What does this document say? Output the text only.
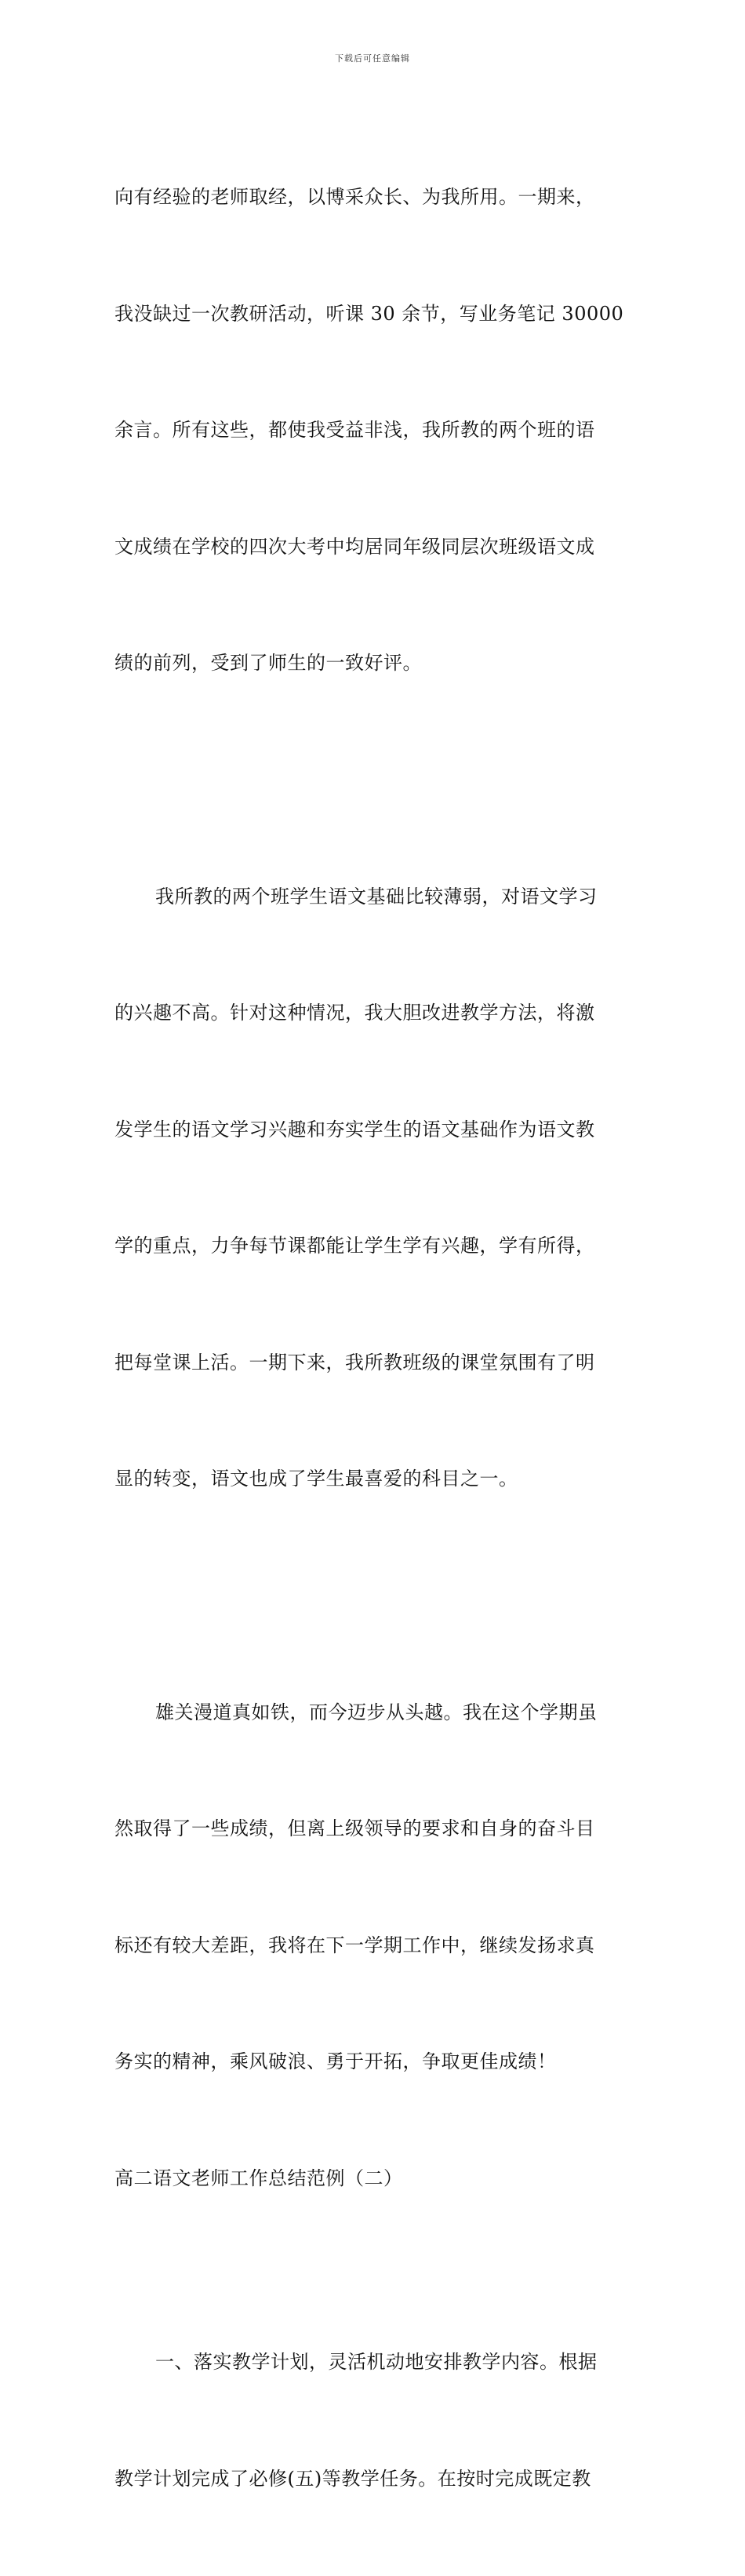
下载后可任意编辑

向有经验的老师取经，以博采众长、为我所用。一期来，

我没缺过一次教研活动，听课 30 余节，写业务笔记 30000

余言。所有这些，都使我受益非浅，我所教的两个班的语

文成绩在学校的四次大考中均居同年级同层次班级语文成

绩的前列，受到了师生的一致好评。

我所教的两个班学生语文基础比较薄弱，对语文学习

的兴趣不高。针对这种情况，我大胆改进教学方法，将激

发学生的语文学习兴趣和夯实学生的语文基础作为语文教

学的重点，力争每节课都能让学生学有兴趣，学有所得，

把每堂课上活。一期下来，我所教班级的课堂氛围有了明

显的转变，语文也成了学生最喜爱的科目之一。

雄关漫道真如铁，而今迈步从头越。我在这个学期虽

然取得了一些成绩，但离上级领导的要求和自身的奋斗目

标还有较大差距，我将在下一学期工作中，继续发扬求真

务实的精神，乘风破浪、勇于开拓，争取更佳成绩！

高二语文老师工作总结范例（二）

一、落实教学计划，灵活机动地安排教学内容。根据

教学计划完成了必修(五)等教学任务。在按时完成既定教
